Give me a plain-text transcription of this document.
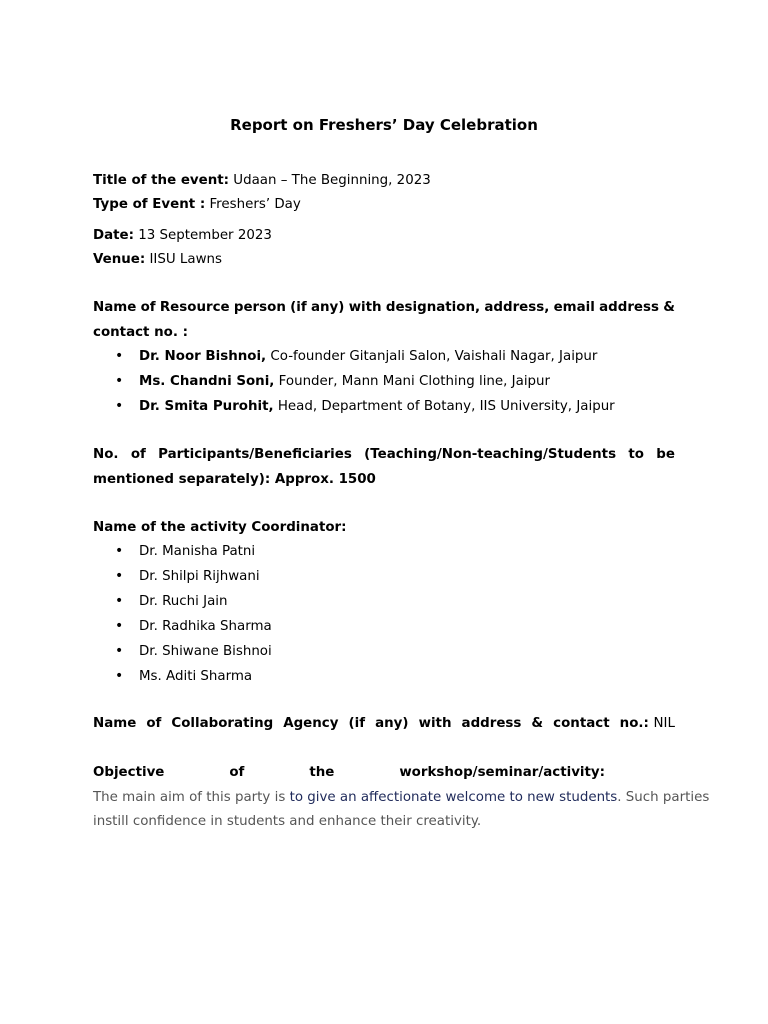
Report on Freshers’ Day Celebration
Title of the event: Udaan – The Beginning, 2023
Type of Event : Freshers’ Day
Date: 13 September 2023
Venue: IISU Lawns
Name of Resource person (if any) with designation, address, email address &
contact no. :
•
Dr. Noor Bishnoi, Co-founder Gitanjali Salon, Vaishali Nagar, Jaipur
•
Ms. Chandni Soni, Founder, Mann Mani Clothing line, Jaipur
•
Dr. Smita Purohit, Head, Department of Botany, IIS University, Jaipur
No. of Participants/Beneficiaries (Teaching/Non-teaching/Students to be
mentioned separately): Approx. 1500
Name of the activity Coordinator:
•
Dr. Manisha Patni
•
Dr. Shilpi Rijhwani
•
Dr. Ruchi Jain
•
Dr. Radhika Sharma
•
Dr. Shiwane Bishnoi
•
Ms. Aditi Sharma
Name of Collaborating Agency (if any) with address & contact no.: NIL
Objective	of	the	workshop/seminar/activity:
The main aim of this party is to give an affectionate welcome to new students. Such parties
instill confidence in students and enhance their creativity.
